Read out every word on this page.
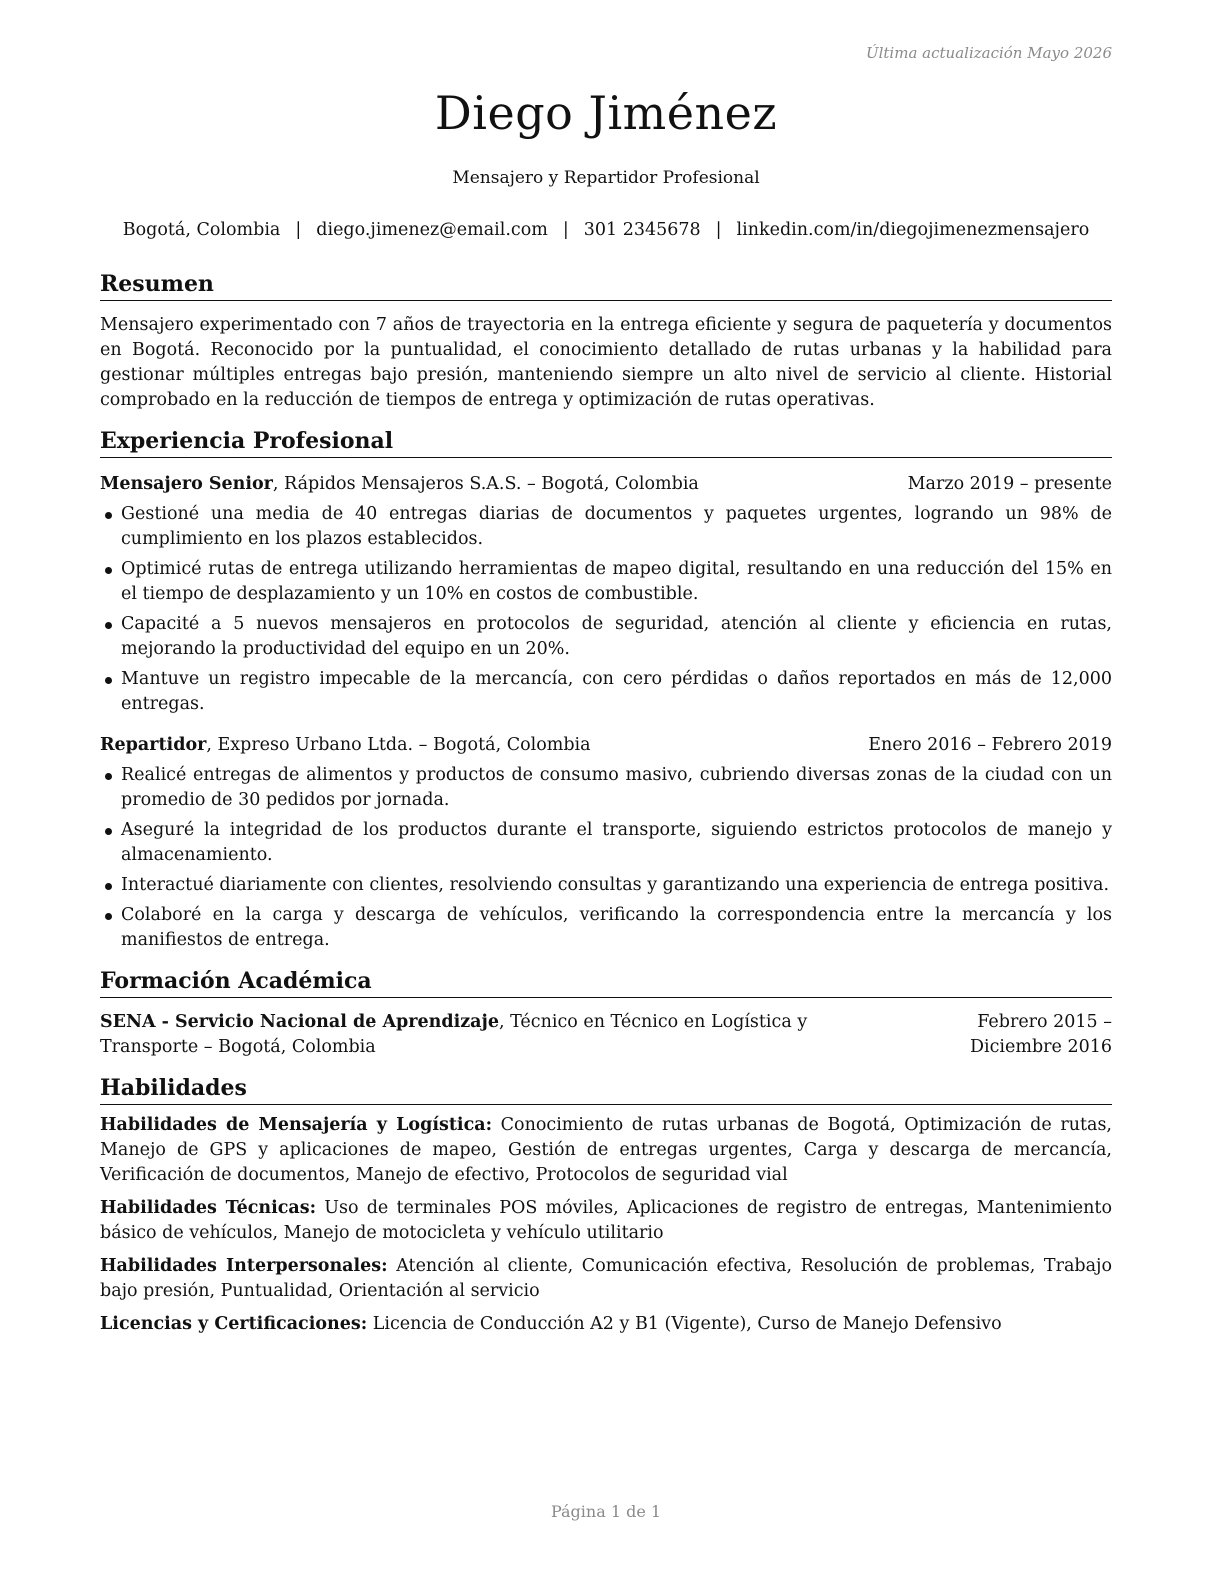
Última actualización Mayo 2026
Diego Jiménez
Mensajero y Repartidor Profesional
Bogotá, Colombia | diego.jimenez@email.com | 301 2345678 | linkedin.com/in/diegojimenezmensajero
Resumen
Mensajero experimentado con 7 años de trayectoria en la entrega eficiente y segura de paquetería y documentos en Bogotá. Reconocido por la puntualidad, el conocimiento detallado de rutas urbanas y la habilidad para gestionar múltiples entregas bajo presión, manteniendo siempre un alto nivel de servicio al cliente. Historial comprobado en la reducción de tiempos de entrega y optimización de rutas operativas.
Experiencia Profesional
Mensajero Senior, Rápidos Mensajeros S.A.S. – Bogotá, Colombia	Marzo 2019 – presente
Gestioné una media de 40 entregas diarias de documentos y paquetes urgentes, logrando un 98% de cumplimiento en los plazos establecidos.
Optimicé rutas de entrega utilizando herramientas de mapeo digital, resultando en una reducción del 15% en el tiempo de desplazamiento y un 10% en costos de combustible.
Capacité a 5 nuevos mensajeros en protocolos de seguridad, atención al cliente y eficiencia en rutas, mejorando la productividad del equipo en un 20%.
Mantuve un registro impecable de la mercancía, con cero pérdidas o daños reportados en más de 12,000 entregas.
Repartidor, Expreso Urbano Ltda. – Bogotá, Colombia	Enero 2016 – Febrero 2019
Realicé entregas de alimentos y productos de consumo masivo, cubriendo diversas zonas de la ciudad con un promedio de 30 pedidos por jornada.
Aseguré la integridad de los productos durante el transporte, siguiendo estrictos protocolos de manejo y almacenamiento.
Interactué diariamente con clientes, resolviendo consultas y garantizando una experiencia de entrega positiva.
Colaboré en la carga y descarga de vehículos, verificando la correspondencia entre la mercancía y los manifiestos de entrega.
Formación Académica
SENA - Servicio Nacional de Aprendizaje, Técnico en Técnico en Logística y Transporte – Bogotá, Colombia
Febrero 2015 – Diciembre 2016
Habilidades
Habilidades de Mensajería y Logística: Conocimiento de rutas urbanas de Bogotá, Optimización de rutas, Manejo de GPS y aplicaciones de mapeo, Gestión de entregas urgentes, Carga y descarga de mercancía, Verificación de documentos, Manejo de efectivo, Protocolos de seguridad vial
Habilidades Técnicas: Uso de terminales POS móviles, Aplicaciones de registro de entregas, Mantenimiento básico de vehículos, Manejo de motocicleta y vehículo utilitario
Habilidades Interpersonales: Atención al cliente, Comunicación efectiva, Resolución de problemas, Trabajo bajo presión, Puntualidad, Orientación al servicio
Licencias y Certificaciones: Licencia de Conducción A2 y B1 (Vigente), Curso de Manejo Defensivo
Página 1 de 1
